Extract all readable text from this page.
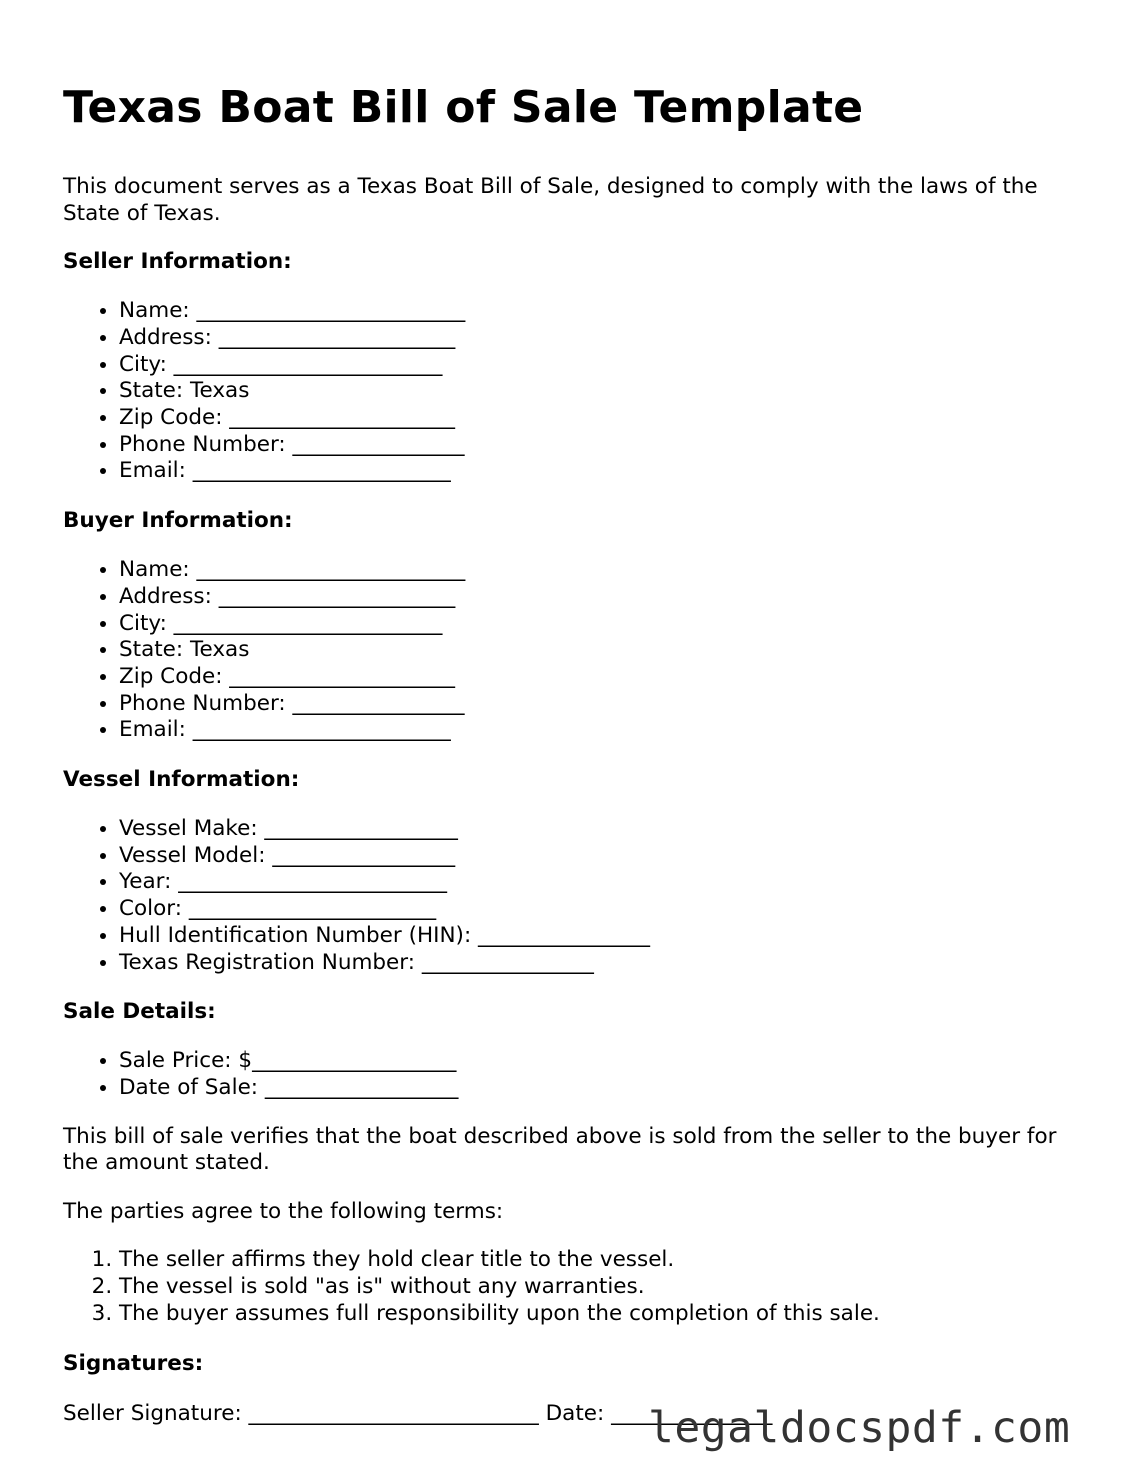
Texas Boat Bill of Sale Template

This document serves as a Texas Boat Bill of Sale, designed to comply with the laws of the State of Texas.

Seller Information:
• Name: _________________________
• Address: ______________________
• City: _________________________
• State: Texas
• Zip Code: _____________________
• Phone Number: ________________
• Email: ________________________
Buyer Information:
• Name: _________________________
• Address: ______________________
• City: _________________________
• State: Texas
• Zip Code: _____________________
• Phone Number: ________________
• Email: ________________________
Vessel Information:
• Vessel Make: __________________
• Vessel Model: _________________
• Year: _________________________
• Color: _______________________
• Hull Identification Number (HIN): ________________
• Texas Registration Number: ________________
Sale Details:
• Sale Price: $___________________
• Date of Sale: __________________

This bill of sale verifies that the boat described above is sold from the seller to the buyer for the amount stated.

The parties agree to the following terms:

1. The seller affirms they hold clear title to the vessel.
2. The vessel is sold "as is" without any warranties.
3. The buyer assumes full responsibility upon the completion of this sale.
Signatures:

Seller Signature: ___________________________ Date: _______________

legaldocspdf.com
